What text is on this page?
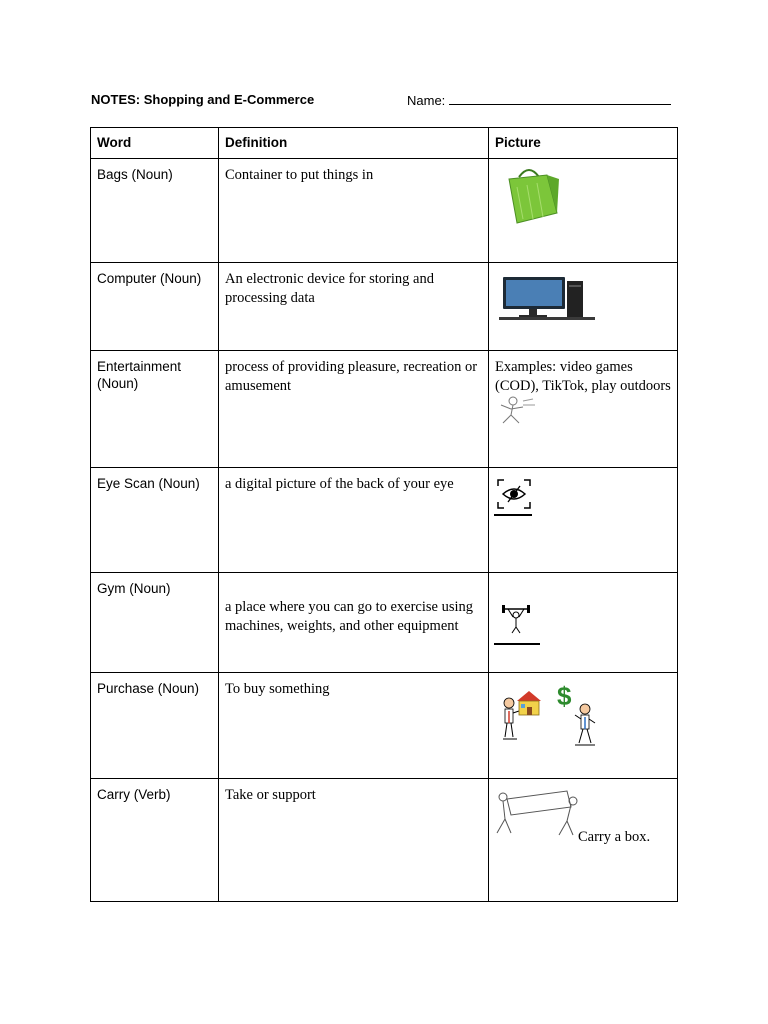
NOTES: Shopping and E-Commerce	Name:
Word	Definition	Picture

Bags (Noun)	Container to put things in

Computer (Noun)	An electronic device for storing and processing data

Entertainment (Noun)	process of providing pleasure, recreation or amusement	Examples: video games (COD), TikTok, play outdoors

Eye Scan (Noun)	a digital picture of the back of your eye

Gym (Noun)	a place where you can go to exercise using machines, weights, and other equipment

Purchase (Noun)	To buy something	$

Carry (Verb)	Take or support	Carry a box.
